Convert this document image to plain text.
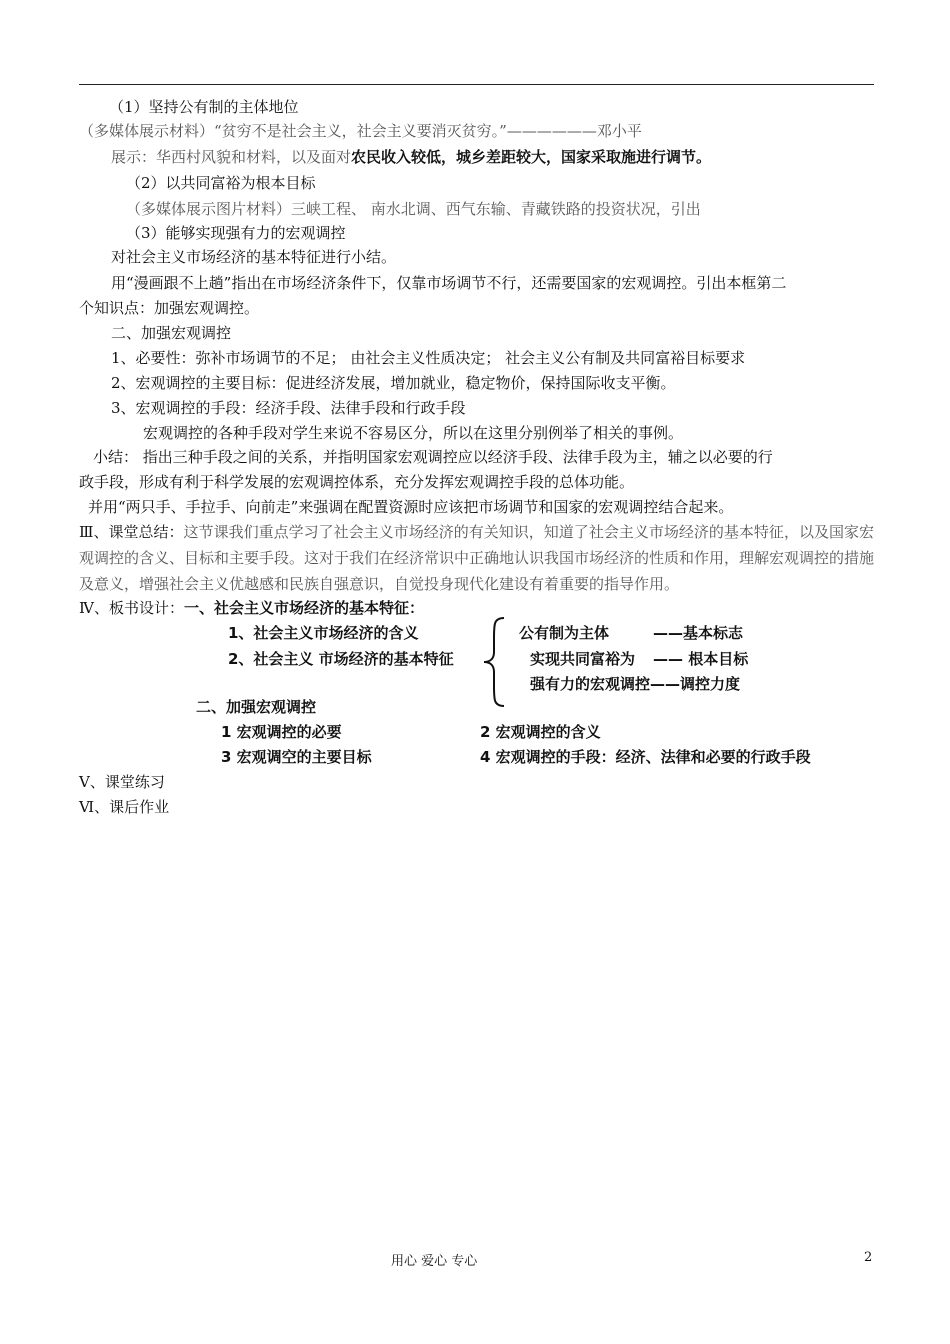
（1）坚持公有制的主体地位
（多媒体展示材料）“贫穷不是社会主义，社会主义要消灭贫穷。”——————邓小平
展示：华西村风貌和材料，以及面对农民收入较低，城乡差距较大，国家采取施进行调节。
（2）以共同富裕为根本目标
（多媒体展示图片材料）三峡工程、 南水北调、西气东输、青藏铁路的投资状况，引出
（3）能够实现强有力的宏观调控
对社会主义市场经济的基本特征进行小结。
用“漫画跟不上趟”指出在市场经济条件下，仅靠市场调节不行，还需要国家的宏观调控。引出本框第二
个知识点：加强宏观调控。
二、加强宏观调控
1、必要性：弥补市场调节的不足； 由社会主义性质决定； 社会主义公有制及共同富裕目标要求
2、宏观调控的主要目标：促进经济发展，增加就业，稳定物价，保持国际收支平衡。
3、宏观调控的手段：经济手段、法律手段和行政手段
宏观调控的各种手段对学生来说不容易区分，所以在这里分别例举了相关的事例。
小结： 指出三种手段之间的关系，并指明国家宏观调控应以经济手段、法律手段为主，辅之以必要的行
政手段，形成有利于科学发展的宏观调控体系，充分发挥宏观调控手段的总体功能。
并用“两只手、手拉手、向前走”来强调在配置资源时应该把市场调节和国家的宏观调控结合起来。
Ⅲ、课堂总结：这节课我们重点学习了社会主义市场经济的有关知识，知道了社会主义市场经济的基本特征，以及国家宏观调控的含义、目标和主要手段。这对于我们在经济常识中正确地认识我国市场经济的性质和作用，理解宏观调控的措施及意义，增强社会主义优越感和民族自强意识，自觉投身现代化建设有着重要的指导作用。
Ⅳ、板书设计：一、社会主义市场经济的基本特征：
1、社会主义市场经济的含义
2、社会主义 市场经济的基本特征
公有制为主体	——基本标志
实现共同富裕为 —— 根本目标
强有力的宏观调控——调控力度
二、加强宏观调控
1 宏观调控的必要	2 宏观调控的含义
3 宏观调空的主要目标	4 宏观调控的手段：经济、法律和必要的行政手段
Ⅴ、课堂练习
Ⅵ、课后作业
用心 爱心 专心	2
